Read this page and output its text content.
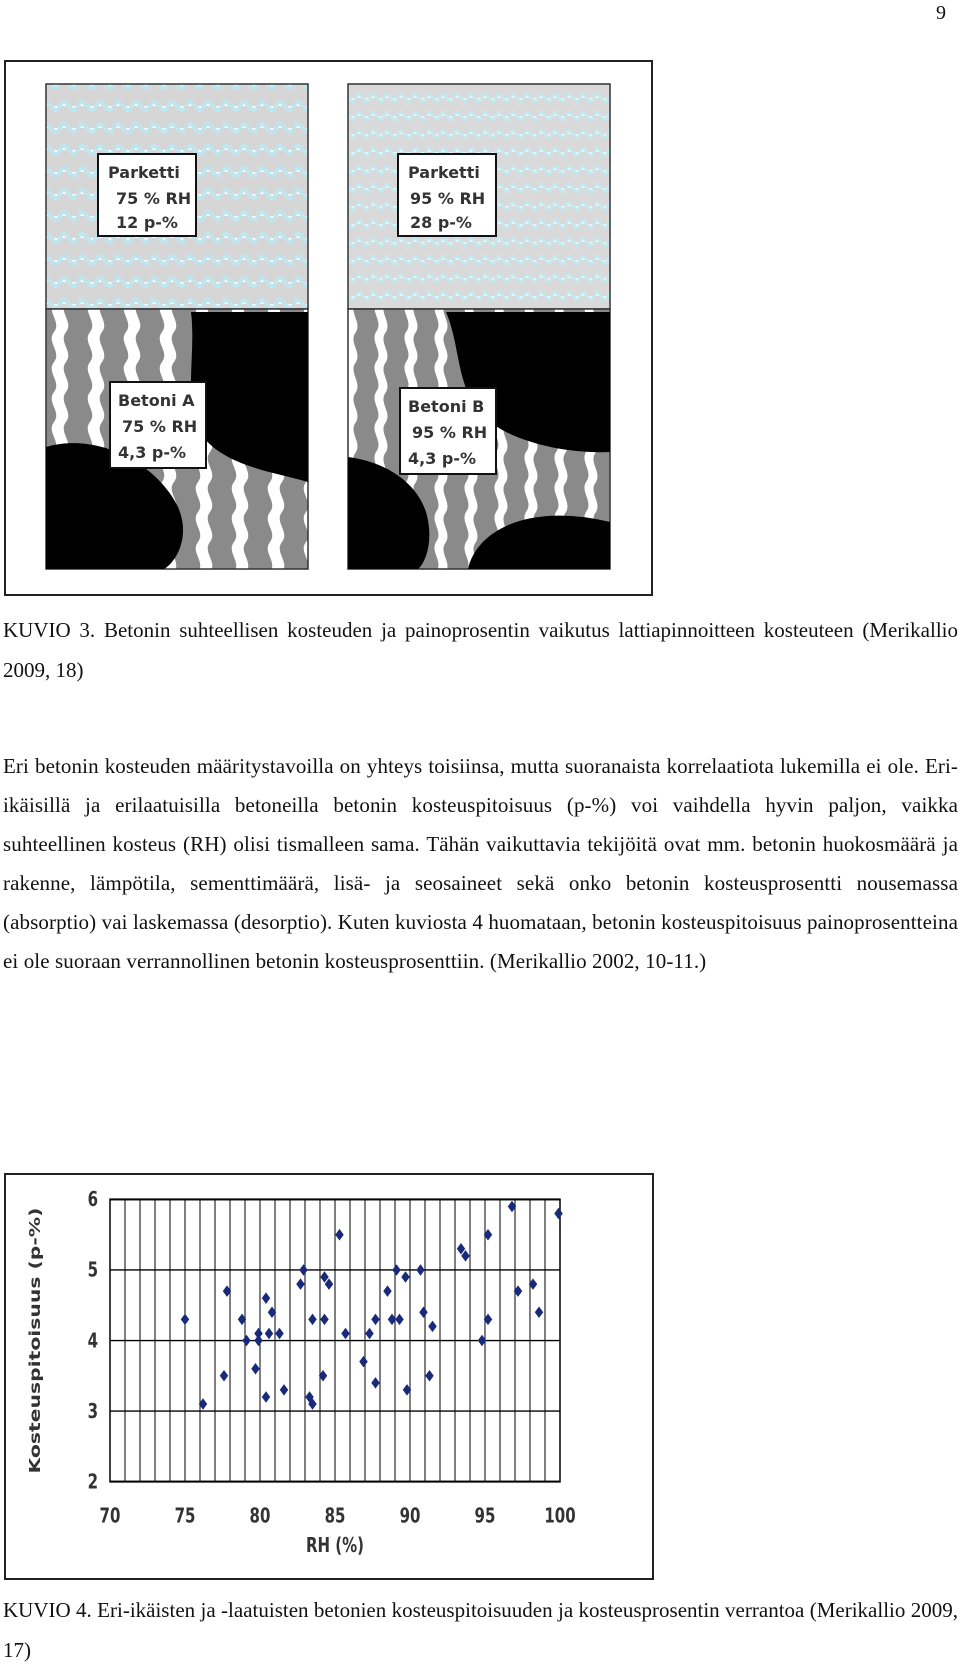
9
Parketti
75 % RH
12 p-%
Parketti
95 % RH
28 p-%
Betoni A
75 % RH
4,3 p-%
Betoni B
95 % RH
4,3 p-%
KUVIO 3. Betonin suhteellisen kosteuden ja painoprosentin vaikutus lattiapinnoitteen kosteuteen (Merikallio 2009, 18)
Eri betonin kosteuden määritystavoilla on yhteys toisiinsa, mutta suoranaista korrelaatiota lukemilla ei ole. Eri-ikäisillä ja erilaatuisilla betoneilla betonin kosteuspitoisuus (p-%) voi vaihdella hyvin paljon, vaikka suhteellinen kosteus (RH) olisi tismalleen sama. Tähän vaikuttavia tekijöitä ovat mm. betonin huokosmäärä ja rakenne, lämpötila, sementtimäärä, lisä- ja seosaineet sekä onko betonin kosteusprosentti nousemassa (absorptio) vai laskemassa (desorptio). Kuten kuviosta 4 huomataan, betonin kosteuspitoisuus painoprosentteina ei ole suoraan verrannollinen betonin kosteusprosenttiin. (Merikallio 2002, 10-11.)
70	75	80	85	90	95	100
2
3
4
5
6
Kosteuspitoisuus (p-%)
RH (%)
KUVIO 4. Eri-ikäisten ja -laatuisten betonien kosteuspitoisuuden ja kosteusprosentin verrantoa (Merikallio 2009, 17)
